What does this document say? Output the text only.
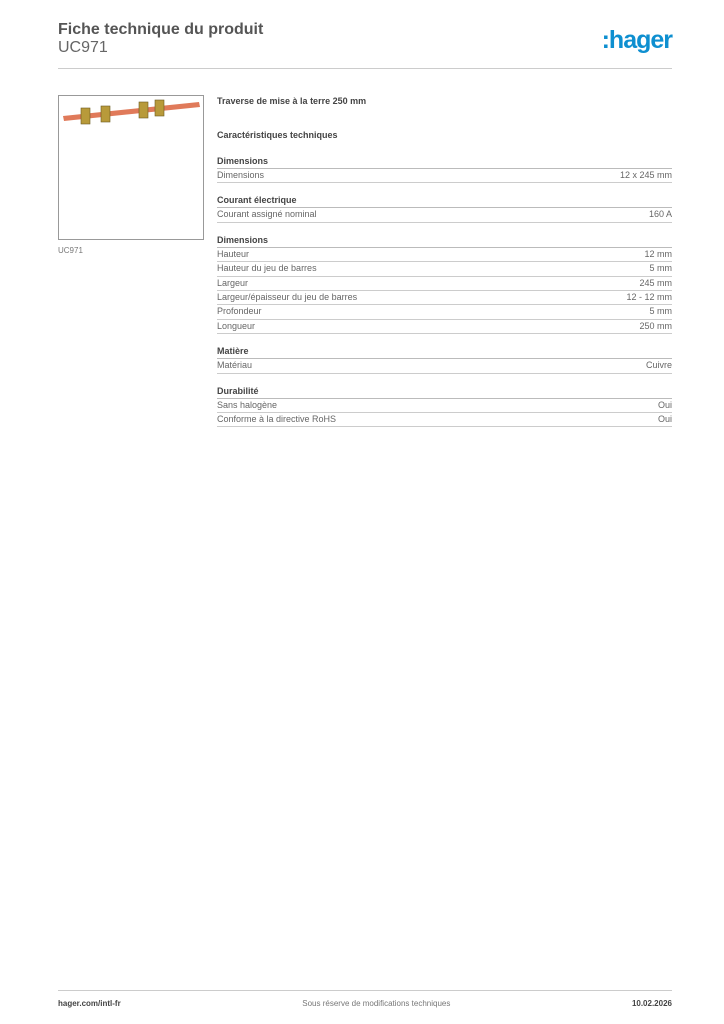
Fiche technique du produit
UC971	:hager
UC971
Traverse de mise à la terre 250 mm
Caractéristiques techniques
Dimensions
Dimensions	12 x 245 mm
Courant électrique
Courant assigné nominal	160 A
Dimensions
Hauteur	12 mm
Hauteur du jeu de barres	5 mm
Largeur	245 mm
Largeur/épaisseur du jeu de barres	12 - 12 mm
Profondeur	5 mm
Longueur	250 mm
Matière
Matériau	Cuivre
Durabilité
Sans halogène	Oui
Conforme à la directive RoHS	Oui
hager.com/intl-fr	Sous réserve de modifications techniques	10.02.2026
